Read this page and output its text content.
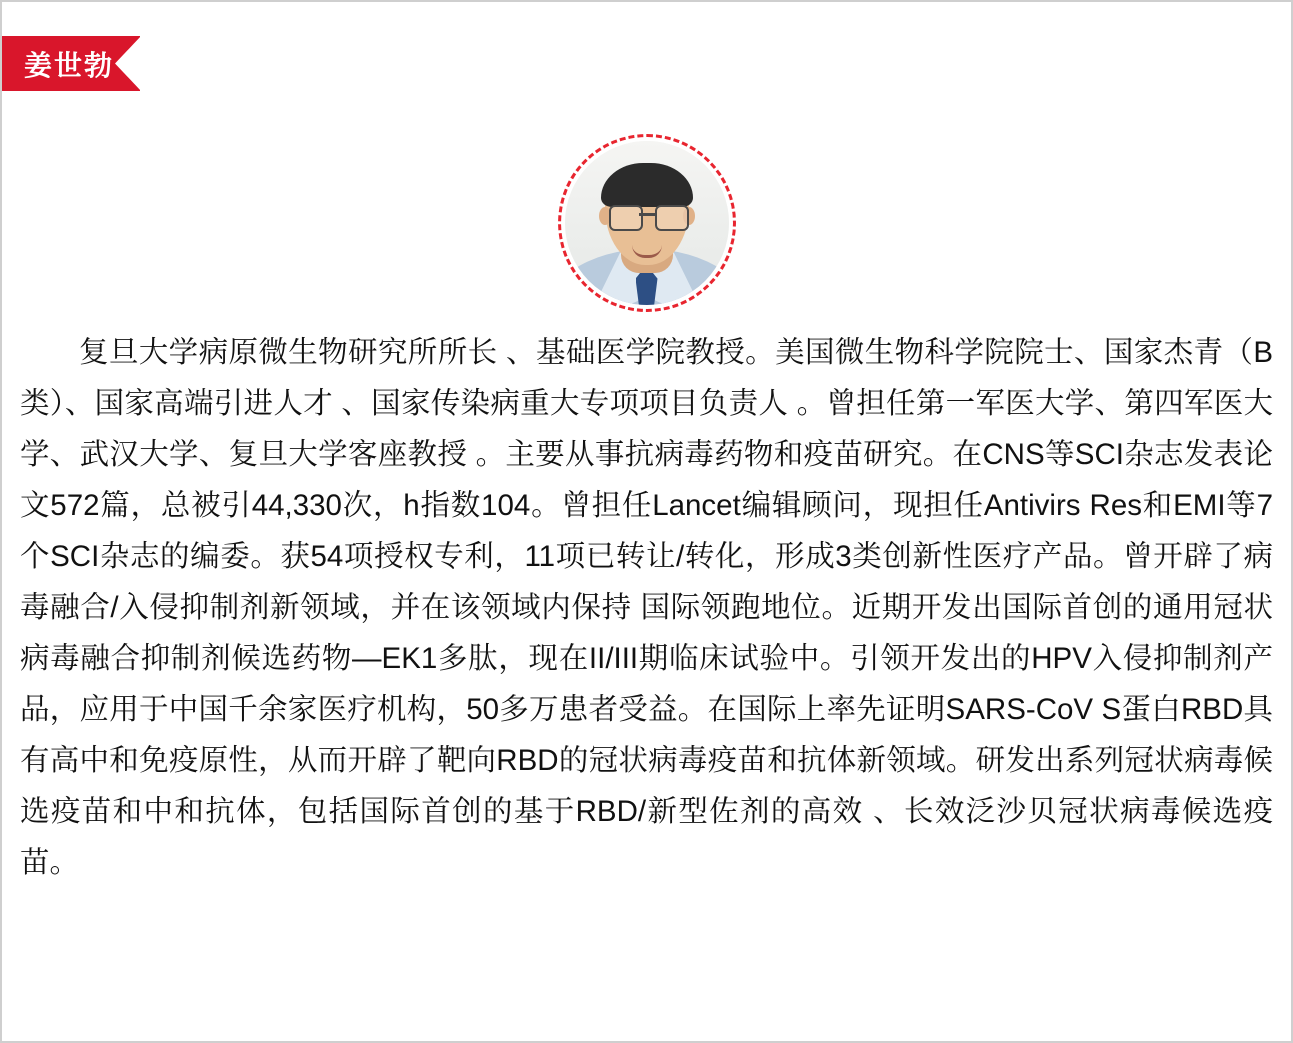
姜世勃
复旦大学病原微生物研究所所长 、基础医学院教授。美国微生物科学院院士、国家杰青（B 类）、国家高端引进人才 、国家传染病重大专项项目负责人 。曾担任第一军医大学、第四军医大学、武汉大学、复旦大学客座教授 。主要从事抗病毒药物和疫苗研究。在CNS等SCI杂志发表论文572篇，总被引44,330次，h指数104。曾担任Lancet编辑顾问，现担任Antivirs Res和EMI等7个SCI杂志的编委。获54项授权专利，11项已转让/转化，形成3类创新性医疗产品。曾开辟了病毒融合/入侵抑制剂新领域，并在该领域内保持 国际领跑地位。近期开发出国际首创的通用冠状病毒融合抑制剂候选药物—EK1多肽，现在II/III期临床试验中。引领开发出的HPV入侵抑制剂产品，应用于中国千余家医疗机构，50多万患者受益。在国际上率先证明SARS-CoV S蛋白RBD具有高中和免疫原性，从而开辟了靶向RBD的冠状病毒疫苗和抗体新领域。研发出系列冠状病毒候选疫苗和中和抗体，包括国际首创的基于RBD/新型佐剂的高效 、长效泛沙贝冠状病毒候选疫苗。
